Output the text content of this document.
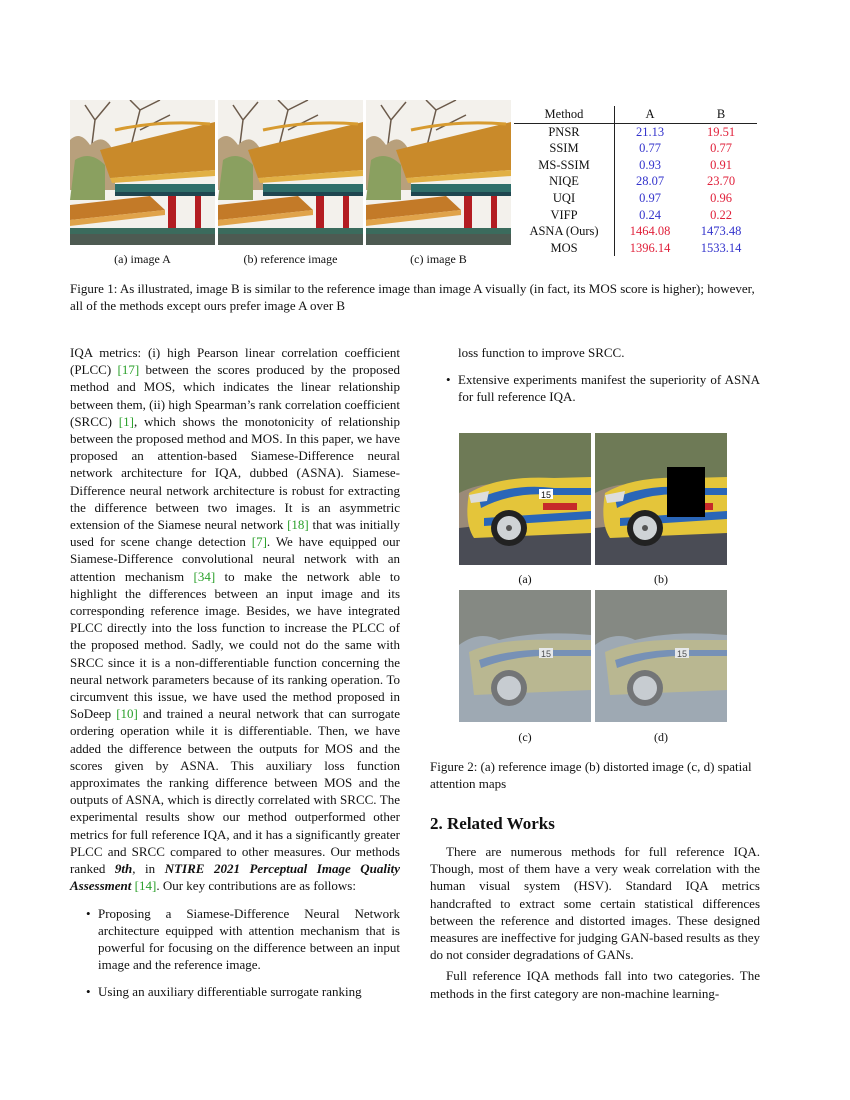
(a) image A	(b) reference image	(c) image B
Method	A	B
PNSR	21.13	19.51
SSIM	0.77	0.77
MS-SSIM	0.93	0.91
NIQE	28.07	23.70
UQI	0.97	0.96
VIFP	0.24	0.22
ASNA (Ours)	1464.08	1473.48
MOS	1396.14	1533.14

Figure 1: As illustrated, image B is similar to the reference image than image A visually (in fact, its MOS score is higher); however, all of the methods except ours prefer image A over B

IQA metrics: (i) high Pearson linear correlation coefficient (PLCC) [17] between the scores produced by the proposed method and MOS, which indicates the linear relationship between them, (ii) high Spearman’s rank correlation coefficient (SRCC) [1], which shows the monotonicity of relationship between the proposed method and MOS. In this paper, we have proposed an attention-based Siamese-Difference neural network architecture for IQA, dubbed (ASNA). Siamese-Difference neural network architecture is robust for extracting the difference between two images. It is an asymmetric extension of the Siamese neural network [18] that was initially used for scene change detection [7]. We have equipped our Siamese-Difference convolutional neural network with an attention mechanism [34] to make the network able to highlight the differences between an input image and its corresponding reference image. Besides, we have integrated PLCC directly into the loss function to increase the PLCC of the proposed method. Sadly, we could not do the same with SRCC since it is a non-differentiable function concerning the neural network parameters because of its ranking operation. To circumvent this issue, we have used the method proposed in SoDeep [10] and trained a neural network that can surrogate ordering operation while it is differentiable. Then, we have added the difference between the outputs for MOS and the scores given by ASNA. This auxiliary loss function approximates the ranking difference between MOS and the outputs of ASNA, which is directly correlated with SRCC. The experimental results show our method outperformed other metrics for full reference IQA, and it has a significantly greater PLCC and SRCC compared to other measures. Our methods ranked 9th, in NTIRE 2021 Perceptual Image Quality Assessment [14]. Our key contributions are as follows:

• Proposing a Siamese-Difference Neural Network architecture equipped with attention mechanism that is powerful for focusing on the difference between an input image and the reference image.
• Using an auxiliary differentiable surrogate ranking

loss function to improve SRCC.

• Extensive experiments manifest the superiority of ASNA for full reference IQA.
(a)	(b)
(c)	(d)

Figure 2: (a) reference image (b) distorted image (c, d) spatial attention maps

2. Related Works

There are numerous methods for full reference IQA. Though, most of them have a very weak correlation with the human visual system (HSV). Standard IQA metrics handcrafted to extract some certain statistical differences between the reference and distorted images. These designed measures are ineffective for judging GAN-based results as they do not consider degradations of GANs.

Full reference IQA methods fall into two categories. The methods in the first category are non-machine learning-
